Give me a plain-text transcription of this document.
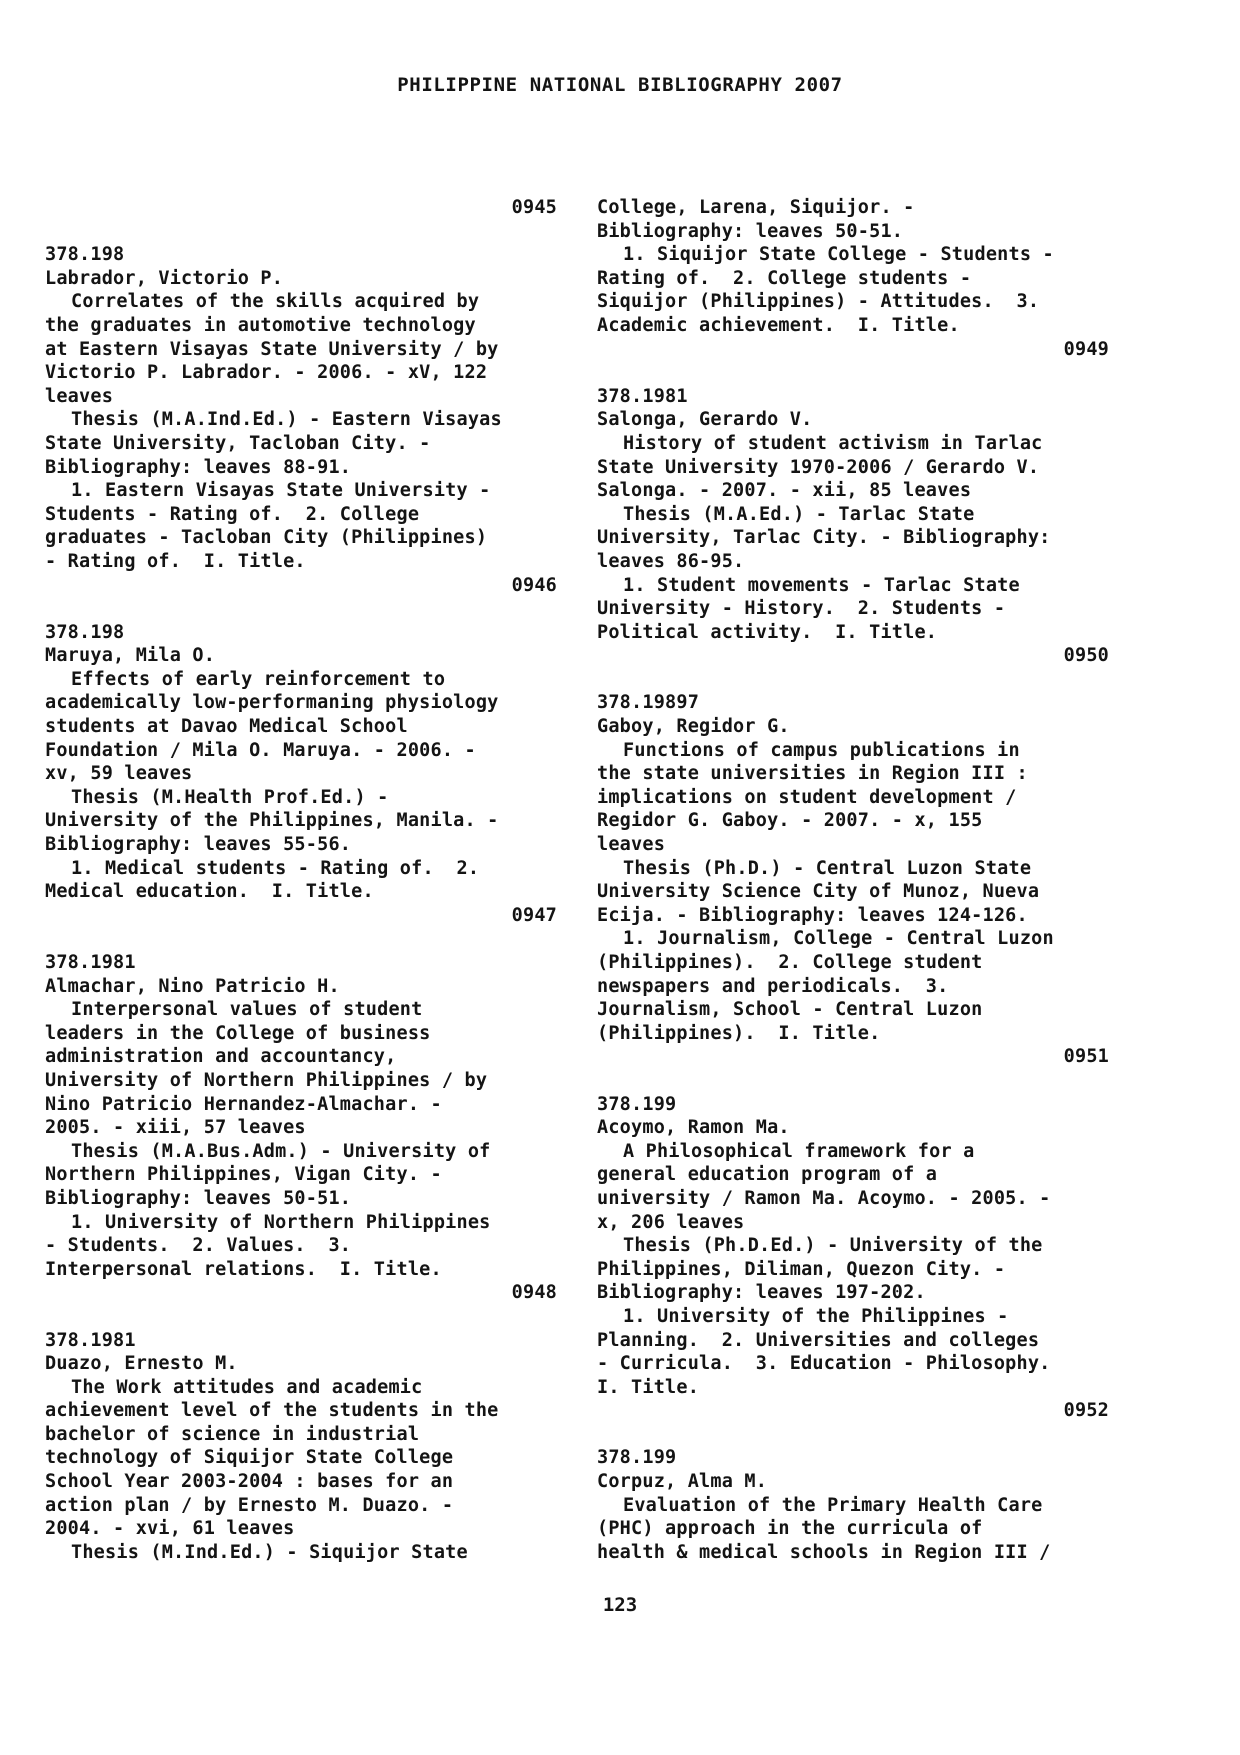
PHILIPPINE NATIONAL BIBLIOGRAPHY 2007
0945
378.198
Labrador, Victorio P.
Correlates of the skills acquired by
the graduates in automotive technology
at Eastern Visayas State University / by
Victorio P. Labrador. - 2006. - xV, 122
leaves
Thesis (M.A.Ind.Ed.) - Eastern Visayas
State University, Tacloban City. -
Bibliography: leaves 88-91.
1. Eastern Visayas State University -
Students - Rating of.  2. College
graduates - Tacloban City (Philippines)
- Rating of.  I. Title.
0946
378.198
Maruya, Mila O.
Effects of early reinforcement to
academically low-performaning physiology
students at Davao Medical School
Foundation / Mila O. Maruya. - 2006. -
xv, 59 leaves
Thesis (M.Health Prof.Ed.) -
University of the Philippines, Manila. -
Bibliography: leaves 55-56.
1. Medical students - Rating of.  2.
Medical education.  I. Title.
0947
378.1981
Almachar, Nino Patricio H.
Interpersonal values of student
leaders in the College of business
administration and accountancy,
University of Northern Philippines / by
Nino Patricio Hernandez-Almachar. -
2005. - xiii, 57 leaves
Thesis (M.A.Bus.Adm.) - University of
Northern Philippines, Vigan City. -
Bibliography: leaves 50-51.
1. University of Northern Philippines
- Students.  2. Values.  3.
Interpersonal relations.  I. Title.
0948
378.1981
Duazo, Ernesto M.
The Work attitudes and academic
achievement level of the students in the
bachelor of science in industrial
technology of Siquijor State College
School Year 2003-2004 : bases for an
action plan / by Ernesto M. Duazo. -
2004. - xvi, 61 leaves
Thesis (M.Ind.Ed.) - Siquijor State
College, Larena, Siquijor. -
Bibliography: leaves 50-51.
1. Siquijor State College - Students -
Rating of.  2. College students -
Siquijor (Philippines) - Attitudes.  3.
Academic achievement.  I. Title.
0949
378.1981
Salonga, Gerardo V.
History of student activism in Tarlac
State University 1970-2006 / Gerardo V.
Salonga. - 2007. - xii, 85 leaves
Thesis (M.A.Ed.) - Tarlac State
University, Tarlac City. - Bibliography:
leaves 86-95.
1. Student movements - Tarlac State
University - History.  2. Students -
Political activity.  I. Title.
0950
378.19897
Gaboy, Regidor G.
Functions of campus publications in
the state universities in Region III :
implications on student development /
Regidor G. Gaboy. - 2007. - x, 155
leaves
Thesis (Ph.D.) - Central Luzon State
University Science City of Munoz, Nueva
Ecija. - Bibliography: leaves 124-126.
1. Journalism, College - Central Luzon
(Philippines).  2. College student
newspapers and periodicals.  3.
Journalism, School - Central Luzon
(Philippines).  I. Title.
0951
378.199
Acoymo, Ramon Ma.
A Philosophical framework for a
general education program of a
university / Ramon Ma. Acoymo. - 2005. -
x, 206 leaves
Thesis (Ph.D.Ed.) - University of the
Philippines, Diliman, Quezon City. -
Bibliography: leaves 197-202.
1. University of the Philippines -
Planning.  2. Universities and colleges
- Curricula.  3. Education - Philosophy.
I. Title.
0952
378.199
Corpuz, Alma M.
Evaluation of the Primary Health Care
(PHC) approach in the curricula of
health & medical schools in Region III /
123
